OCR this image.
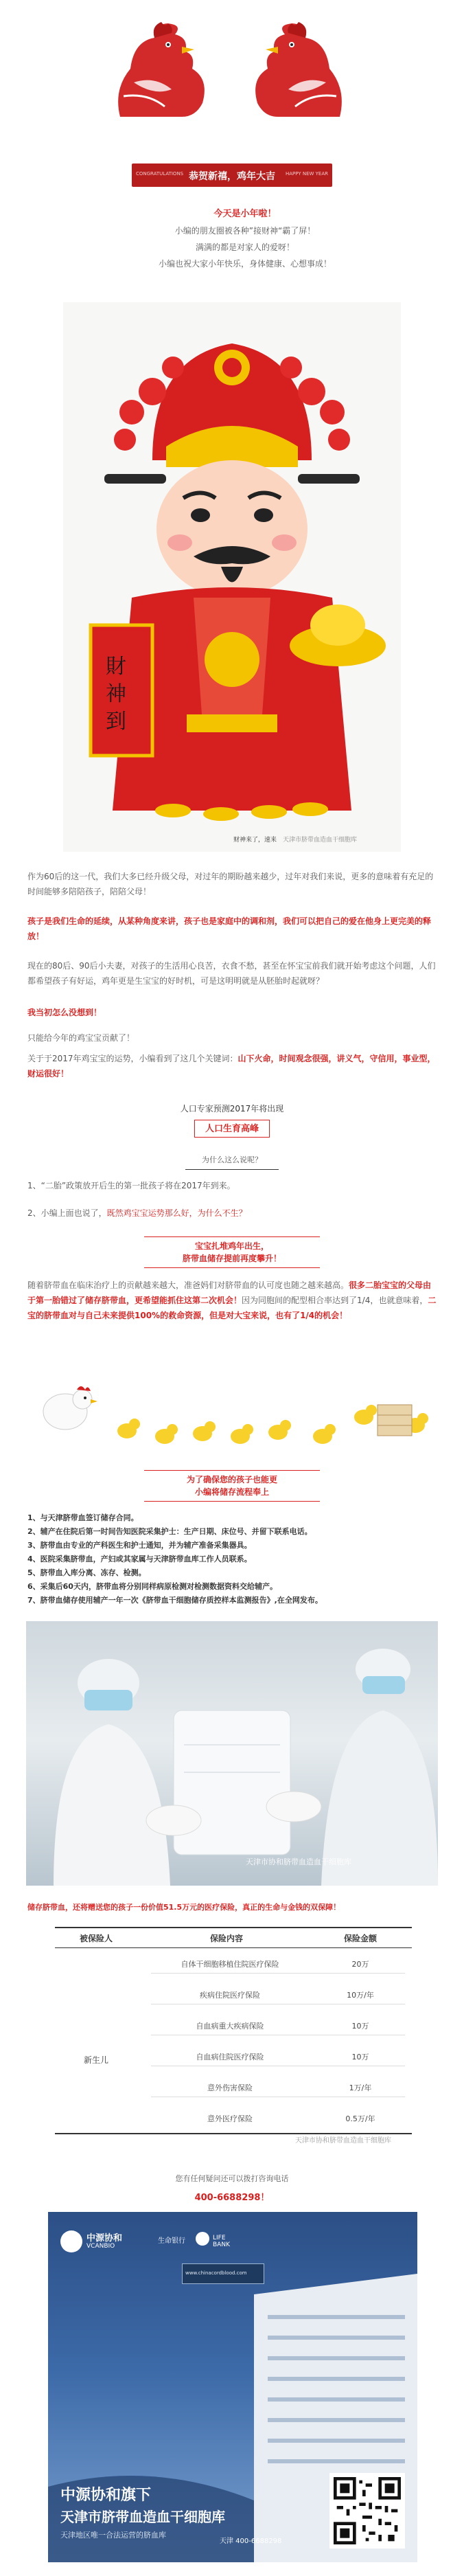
CONGRATULATIONS 恭贺新禧，鸡年大吉	HAPPY NEW YEAR
今天是小年啦！
小编的朋友圈被各种”接财神“霸了屏！
满满的都是对家人的爱呀！
小编也祝大家小年快乐，身体健康、心想事成！
財
神
到
财神来了，速来 天津市脐带血造血干细胞库
作为60后的这一代，我们大多已经升级父母，对过年的期盼越来越少，过年对我们来说，更多的意味着有充足的时间能够多陪陪孩子，陪陪父母！
孩子是我们生命的延续，从某种角度来讲，孩子也是家庭中的调和剂，我们可以把自己的爱在他身上更完美的释放！
现在的80后、90后小夫妻，对孩子的生活用心良苦，衣食不愁，甚至在怀宝宝前我们就开始考虑这个问题，人们都希望孩子有好运，鸡年更是生宝宝的好时机，可是这明明就是从胚胎时起就呀？
我当初怎么没想到！
只能给今年的鸡宝宝贡献了！
关于于2017年鸡宝宝的运势，小编看到了这几个关键词：山下火命，时间观念很强，讲义气，守信用，事业型，财运很好！
人口专家预测2017年将出现
人口生育高峰
为什么这么说呢？
1、“二胎”政策放开后生的第一批孩子将在2017年到来。
2、小编上面也说了，既然鸡宝宝运势那么好，为什么不生？
宝宝扎堆鸡年出生，
脐带血储存提前再度攀升！
随着脐带血在临床治疗上的贡献越来越大，准爸妈们对脐带血的认可度也随之越来越高。很多二胎宝宝的父母由于第一胎错过了储存脐带血，更希望能抓住这第二次机会！因为同胞间的配型相合率达到了1/4，也就意味着，二宝的脐带血对与自己未来提供100%的救命资源，但是对大宝来说，也有了1/4的机会！
为了确保您的孩子也能更
小编将储存流程奉上
1、与天津脐带血签订储存合同。
2、辅产在住院后第一时间告知医院采集护士：生产日期、床位号、并留下联系电话。
3、脐带血由专业的产科医生和护士通知，并为辅产准备采集器具。
4、医院采集脐带血，产妇或其家属与天津脐带血库工作人员联系。
5、脐带血入库分离、冻存、检测。
6、采集后60天内，脐带血将分别同样病原检测对检测数据资料交给辅产。
7、脐带血储存使用辅产一年一次《脐带血干细胞储存质控样本监测报告》,在全网发布。
天津市协和脐带血造血干细胞库
储存脐带血，还将赠送您的孩子一份价值51.5万元的医疗保险，真正的生命与金钱的双保障！
被保险人	保险内容	保险金额
新生儿
自体干细胞移植住院医疗保险	20万
疾病住院医疗保险	10万/年
自血病重大疾病保险	10万
自血病住院医疗保险	10万
意外伤害保险	1万/年
意外医疗保险	0.5万/年
天津市协和脐带血造血干细胞库
您有任何疑问还可以拨打咨询电话
400-6688298！
中源协和
VCANBIO
生命银行	LIFE BANK
www.chinacordblood.com
中源协和旗下
天津市脐带血造血干细胞库
天津地区唯一合法运营的脐血库
天津 400-6688298
